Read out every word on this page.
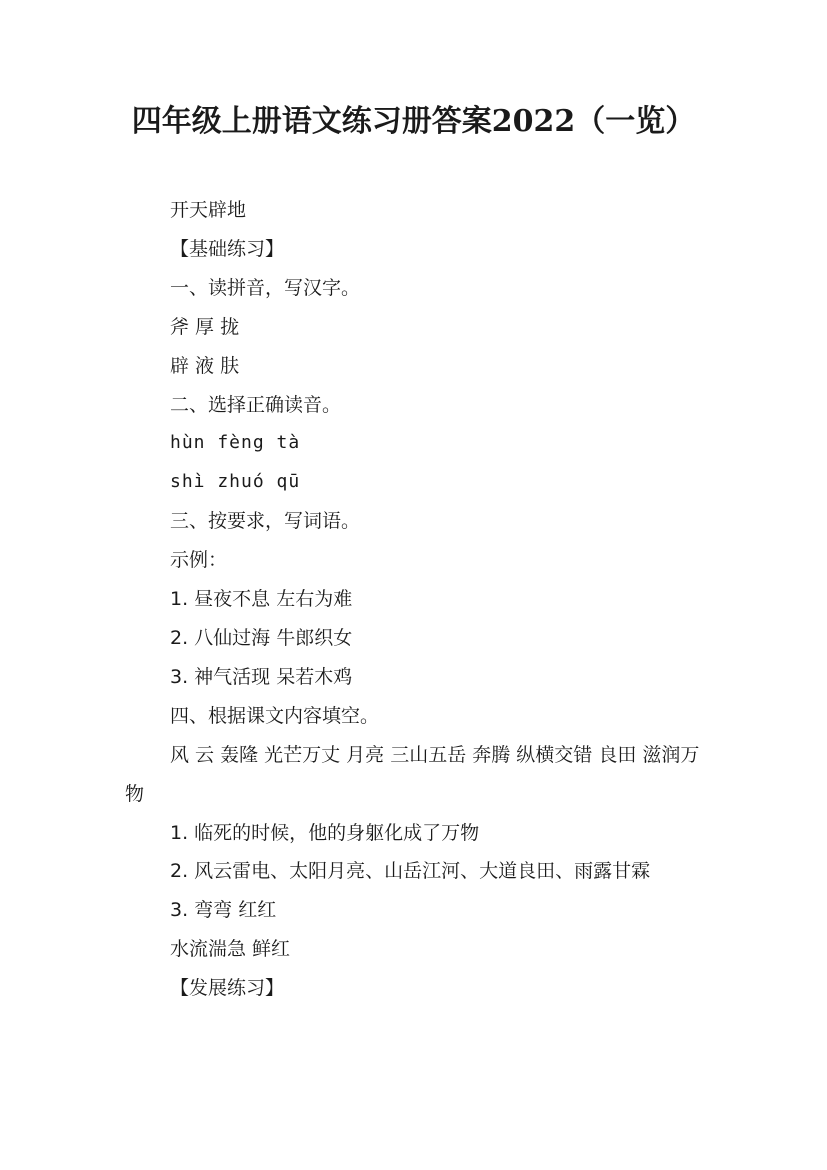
四年级上册语文练习册答案2022（一览）

开天辟地

【基础练习】

一、读拼音，写汉字。

斧 厚 拢

辟 液 肤

二、选择正确读音。

hùn fèng tà

shì zhuó qū

三、按要求，写词语。

示例：

1. 昼夜不息 左右为难

2. 八仙过海 牛郎织女

3. 神气活现 呆若木鸡

四、根据课文内容填空。

风 云 轰隆 光芒万丈 月亮 三山五岳 奔腾 纵横交错 良田 滋润万物

1. 临死的时候，他的身躯化成了万物

2. 风云雷电、太阳月亮、山岳江河、大道良田、雨露甘霖

3. 弯弯 红红

水流湍急 鲜红

【发展练习】
